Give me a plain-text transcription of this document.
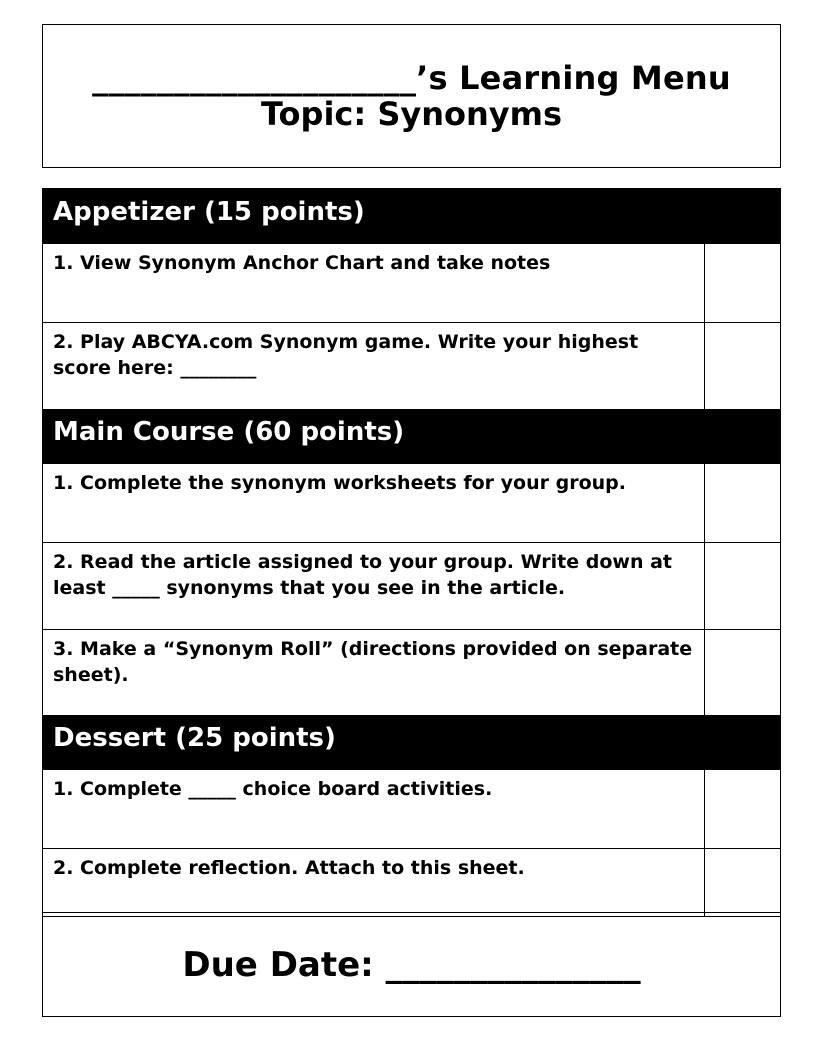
____________________’s Learning Menu
Topic: Synonyms
Appetizer (15 points)
1. View Synonym Anchor Chart and take notes
2. Play ABCYA.com Synonym game. Write your highest score here: ________
Main Course (60 points)
1. Complete the synonym worksheets for your group.
2. Read the article assigned to your group. Write down at least _____ synonyms that you see in the article.
3. Make a “Synonym Roll” (directions provided on separate sheet).
Dessert (25 points)
1. Complete _____ choice board activities.
2. Complete reflection. Attach to this sheet.
Due Date: _______________
